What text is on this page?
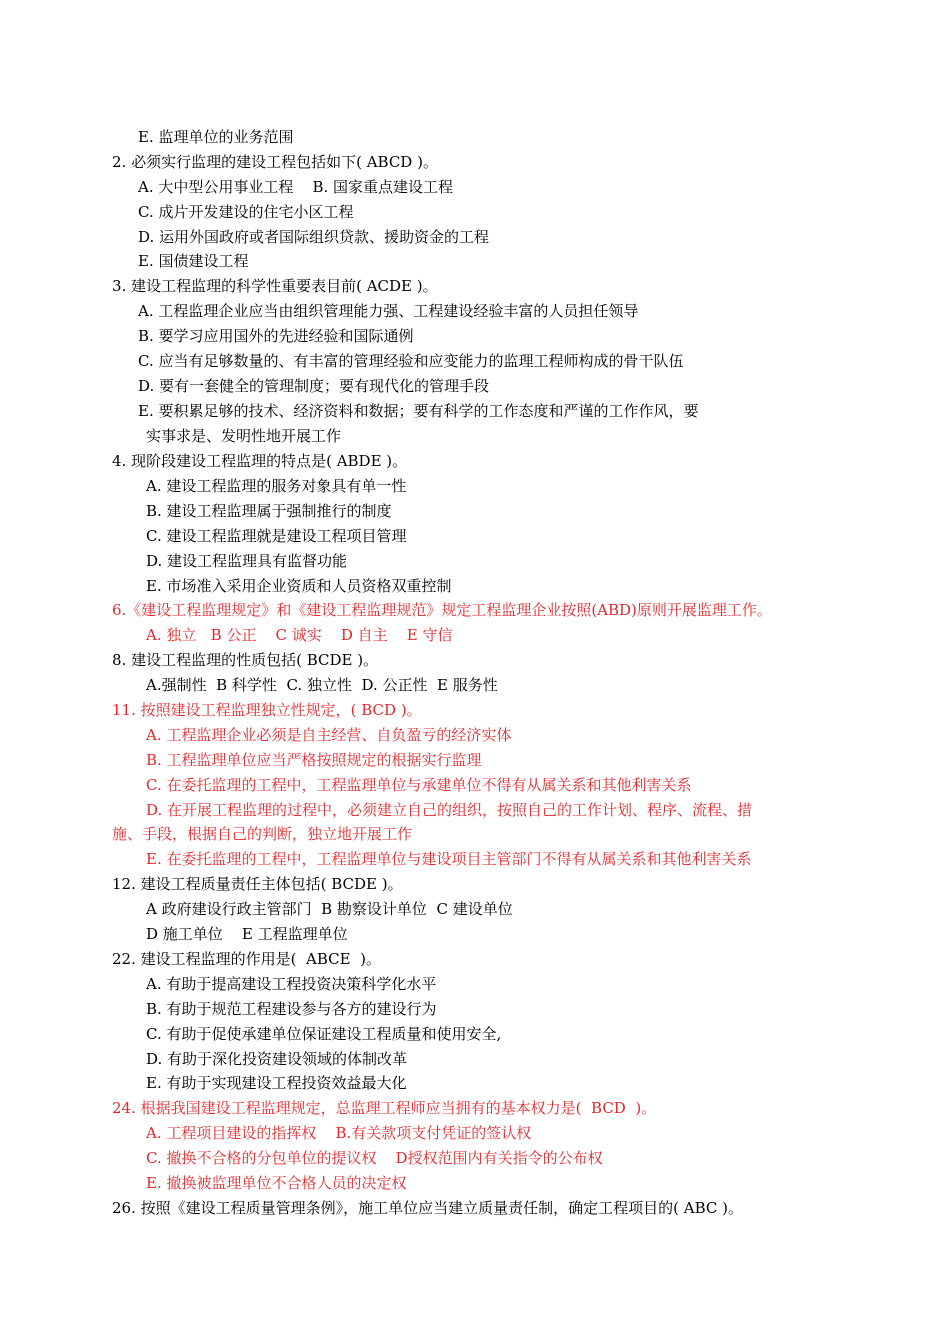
E. 监理单位的业务范围
2. 必须实行监理的建设工程包括如下( ABCD )。
A. 大中型公用事业工程    B. 国家重点建设工程
C. 成片开发建设的住宅小区工程
D. 运用外国政府或者国际组织贷款、援助资金的工程
E. 国债建设工程
3. 建设工程监理的科学性重要表目前( ACDE )。
A. 工程监理企业应当由组织管理能力强、工程建设经验丰富的人员担任领导
B. 要学习应用国外的先进经验和国际通例
C. 应当有足够数量的、有丰富的管理经验和应变能力的监理工程师构成的骨干队伍
D. 要有一套健全的管理制度；要有现代化的管理手段
E. 要积累足够的技术、经济资料和数据；要有科学的工作态度和严谨的工作作风，要
实事求是、发明性地开展工作
4. 现阶段建设工程监理的特点是( ABDE )。
A. 建设工程监理的服务对象具有单一性
B. 建设工程监理属于强制推行的制度
C. 建设工程监理就是建设工程项目管理
D. 建设工程监理具有监督功能
E. 市场准入采用企业资质和人员资格双重控制
6.《建设工程监理规定》和《建设工程监理规范》规定工程监理企业按照(ABD)原则开展监理工作。
A. 独立   B 公正    C 诚实    D 自主    E 守信
8. 建设工程监理的性质包括( BCDE )。
A.强制性  B 科学性  C. 独立性  D. 公正性  E 服务性
11. 按照建设工程监理独立性规定，( BCD )。
A. 工程监理企业必须是自主经营、自负盈亏的经济实体
B. 工程监理单位应当严格按照规定的根据实行监理
C. 在委托监理的工程中，工程监理单位与承建单位不得有从属关系和其他利害关系
D. 在开展工程监理的过程中，必须建立自己的组织，按照自己的工作计划、程序、流程、措
施、手段，根据自己的判断，独立地开展工作
E. 在委托监理的工程中，工程监理单位与建设项目主管部门不得有从属关系和其他利害关系
12. 建设工程质量责任主体包括( BCDE )。
A 政府建设行政主管部门  B 勘察设计单位  C 建设单位
D 施工单位    E 工程监理单位
22. 建设工程监理的作用是(  ABCE  )。
A. 有助于提高建设工程投资决策科学化水平
B. 有助于规范工程建设参与各方的建设行为
C. 有助于促使承建单位保证建设工程质量和使用安全,
D. 有助于深化投资建设领域的体制改革
E. 有助于实现建设工程投资效益最大化
24. 根据我国建设工程监理规定，总监理工程师应当拥有的基本权力是(  BCD  )。
A. 工程项目建设的指挥权    B.有关款项支付凭证的签认权
C. 撤换不合格的分包单位的提议权    D授权范围内有关指令的公布权
E. 撤换被监理单位不合格人员的决定权
26. 按照《建设工程质量管理条例》，施工单位应当建立质量责任制，确定工程项目的( ABC )。
